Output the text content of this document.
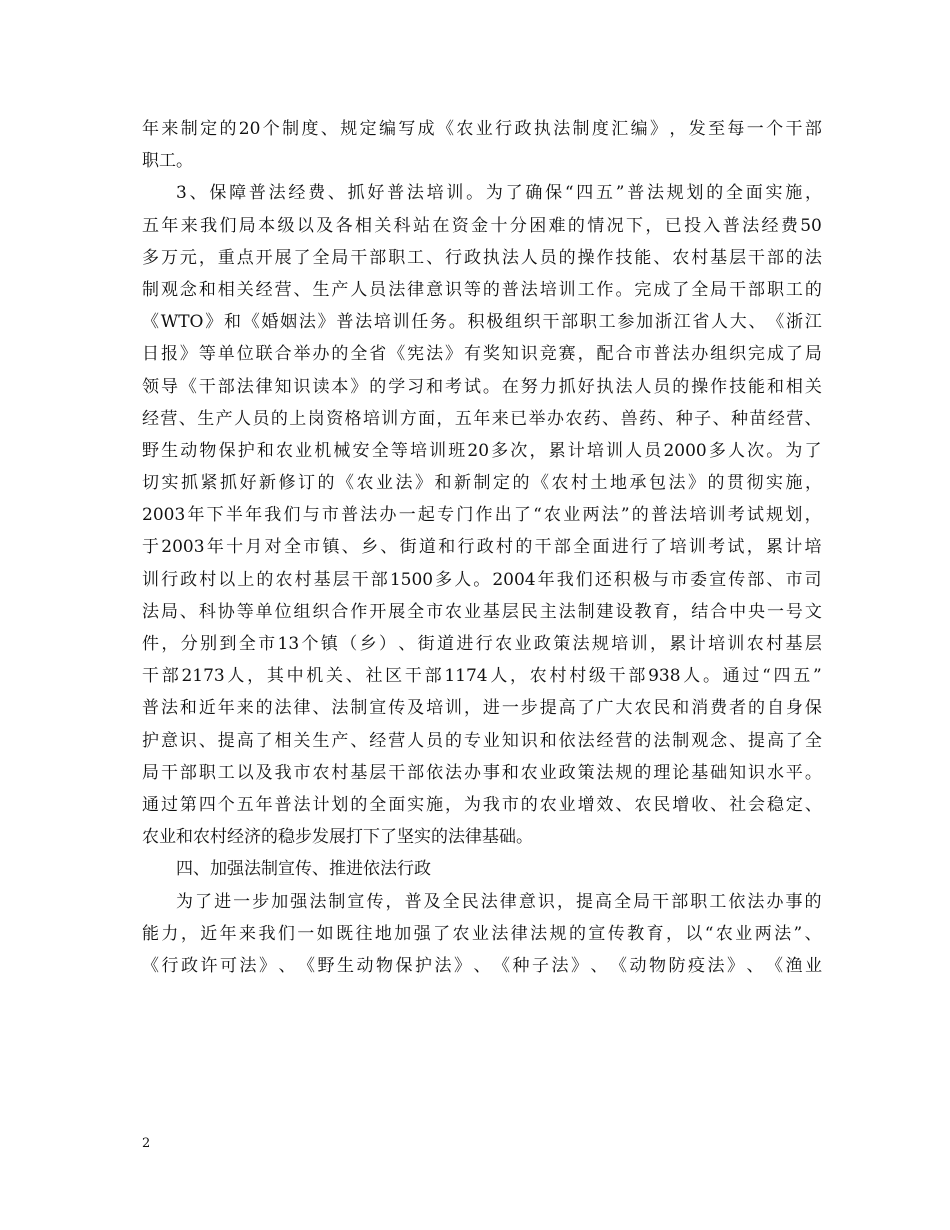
年 来 制 定 的 20 个 制 度 、 规 定 编 写 成 《 农 业 行 政 执 法 制 度 汇 编 》 ， 发 至 每 一 个 干 部
职工。
3 、 保 障 普 法 经 费 、 抓 好 普 法 培 训 。 为 了 确 保 “ 四 五 ” 普 法 规 划 的 全 面 实 施 ，
五 年 来 我 们 局 本 级 以 及 各 相 关 科 站 在 资 金 十 分 困 难 的 情 况 下 ， 已 投 入 普 法 经 费 50
多 万 元 ， 重 点 开 展 了 全 局 干 部 职 工 、 行 政 执 法 人 员 的 操 作 技 能 、 农 村 基 层 干 部 的 法
制 观 念 和 相 关 经 营 、 生 产 人 员 法 律 意 识 等 的 普 法 培 训 工 作 。 完 成 了 全 局 干 部 职 工 的
《 WTO 》 和 《 婚 姻 法 》 普 法 培 训 任 务 。 积 极 组 织 干 部 职 工 参 加 浙 江 省 人 大 、 《 浙 江
日 报 》 等 单 位 联 合 举 办 的 全 省 《 宪 法 》 有 奖 知 识 竞 赛 ， 配 合 市 普 法 办 组 织 完 成 了 局
领 导 《 干 部 法 律 知 识 读 本 》 的 学 习 和 考 试 。 在 努 力 抓 好 执 法 人 员 的 操 作 技 能 和 相 关
经 营 、 生 产 人 员 的 上 岗 资 格 培 训 方 面 ， 五 年 来 已 举 办 农 药 、 兽 药 、 种 子 、 种 苗 经 营 、
野 生 动 物 保 护 和 农 业 机 械 安 全 等 培 训 班 20 多 次 ， 累 计 培 训 人 员 2000 多 人 次 。 为 了
切 实 抓 紧 抓 好 新 修 订 的 《 农 业 法 》 和 新 制 定 的 《 农 村 土 地 承 包 法 》 的 贯 彻 实 施 ，
2003 年 下 半 年 我 们 与 市 普 法 办 一 起 专 门 作 出 了 “ 农 业 两 法 ” 的 普 法 培 训 考 试 规 划 ，
于 2003 年 十 月 对 全 市 镇 、 乡 、 街 道 和 行 政 村 的 干 部 全 面 进 行 了 培 训 考 试 ， 累 计 培
训 行 政 村 以 上 的 农 村 基 层 干 部 1500 多 人 。 2004 年 我 们 还 积 极 与 市 委 宣 传 部 、 市 司
法 局 、 科 协 等 单 位 组 织 合 作 开 展 全 市 农 业 基 层 民 主 法 制 建 设 教 育 ， 结 合 中 央 一 号 文
件 ， 分 别 到 全 市 13 个 镇 （ 乡 ） 、 街 道 进 行 农 业 政 策 法 规 培 训 ， 累 计 培 训 农 村 基 层
干 部 2173 人 ， 其 中 机 关 、 社 区 干 部 1174 人 ， 农 村 村 级 干 部 938 人 。 通 过 “ 四 五 ”
普 法 和 近 年 来 的 法 律 、 法 制 宣 传 及 培 训 ， 进 一 步 提 高 了 广 大 农 民 和 消 费 者 的 自 身 保
护 意 识 、 提 高 了 相 关 生 产 、 经 营 人 员 的 专 业 知 识 和 依 法 经 营 的 法 制 观 念 、 提 高 了 全
局 干 部 职 工 以 及 我 市 农 村 基 层 干 部 依 法 办 事 和 农 业 政 策 法 规 的 理 论 基 础 知 识 水 平 。
通 过 第 四 个 五 年 普 法 计 划 的 全 面 实 施 ， 为 我 市 的 农 业 增 效 、 农 民 增 收 、 社 会 稳 定 、
农业和农村经济的稳步发展打下了坚实的法律基础。
四、加强法制宣传、推进依法行政
为 了 进 一 步 加 强 法 制 宣 传 ， 普 及 全 民 法 律 意 识 ， 提 高 全 局 干 部 职 工 依 法 办 事 的
能 力 ， 近 年 来 我 们 一 如 既 往 地 加 强 了 农 业 法 律 法 规 的 宣 传 教 育 ， 以 “ 农 业 两 法 ” 、
《 行 政 许 可 法 》 、 《 野 生 动 物 保 护 法 》 、 《 种 子 法 》 、 《 动 物 防 疫 法 》 、 《 渔 业
2
